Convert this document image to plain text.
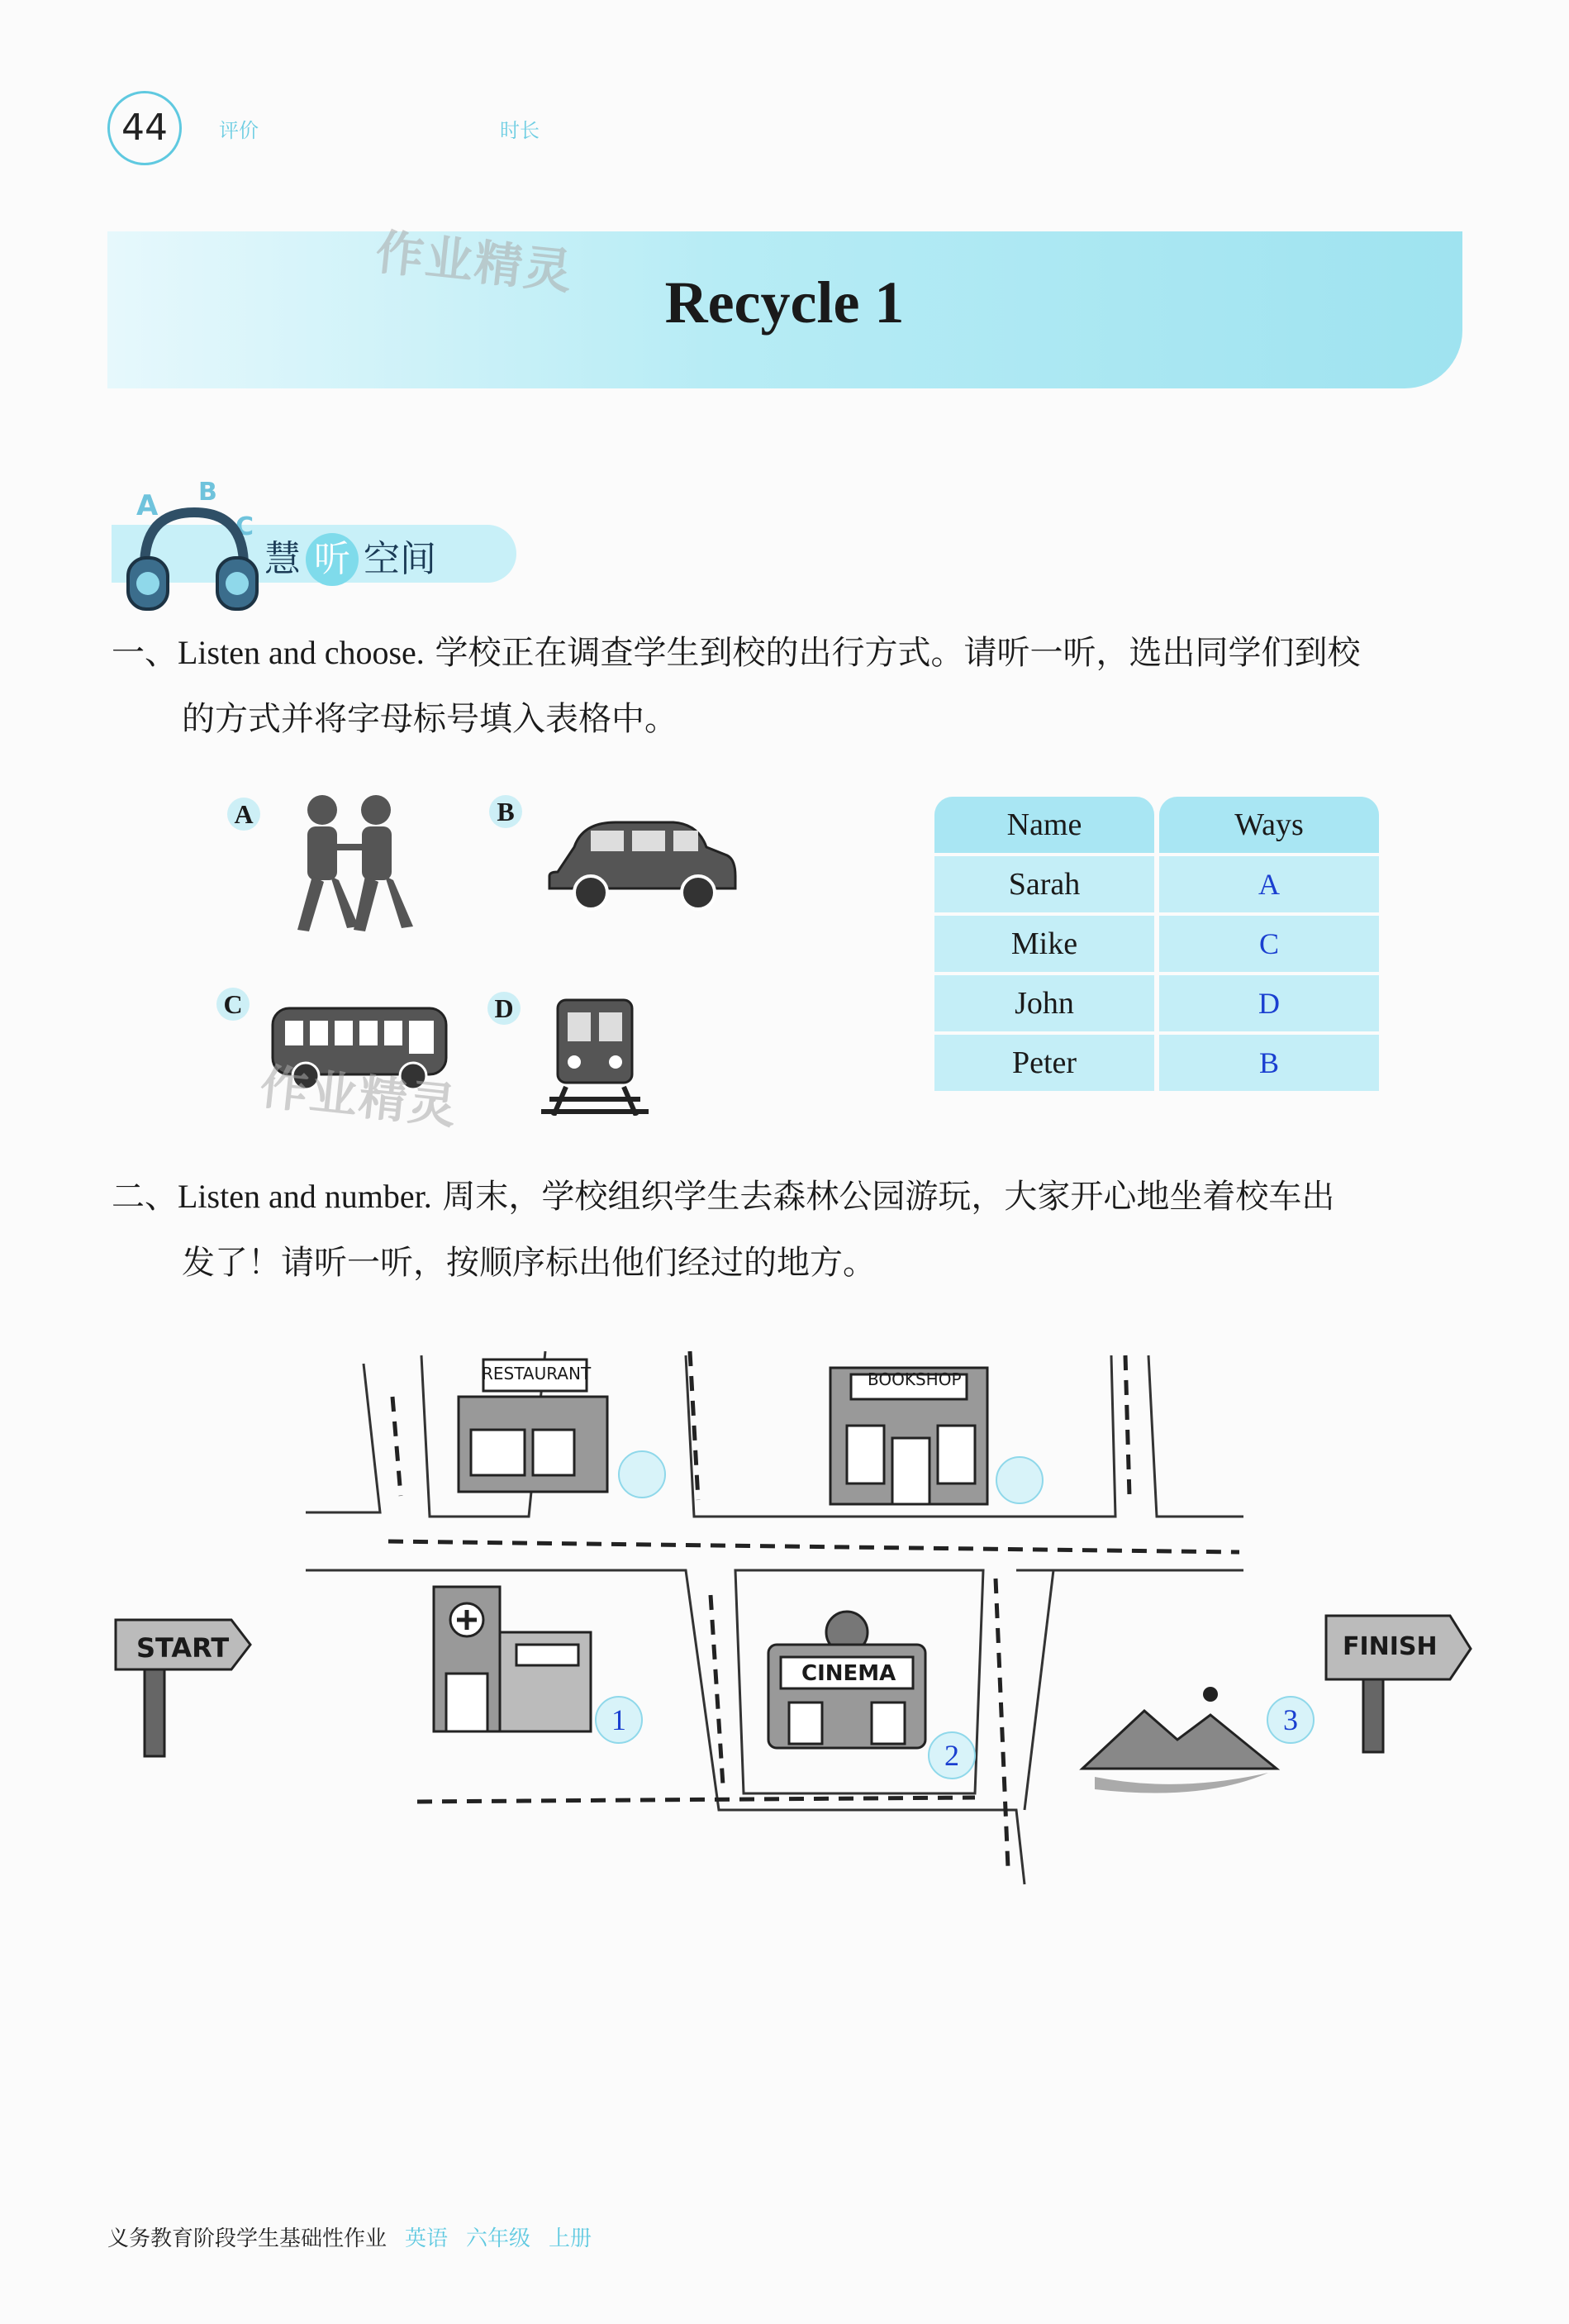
44	评价	时长
作业精灵
Recycle 1
A B
C
慧 听 空间
一、Listen and choose. 学校正在调查学生到校的出行方式。请听一听，选出同学们到校
的方式并将字母标号填入表格中。
A	B
C	D
作业精灵
Name	Ways
Sarah	A
Mike	C
John	D
Peter	B
二、Listen and number. 周末，学校组织学生去森林公园游玩，大家开心地坐着校车出
发了！请听一听，按顺序标出他们经过的地方。
RESTAURANT	BOOKSHOP
1
CINEMA
2
3
START	FINISH
义务教育阶段学生基础性作业 英语 六年级 上册
